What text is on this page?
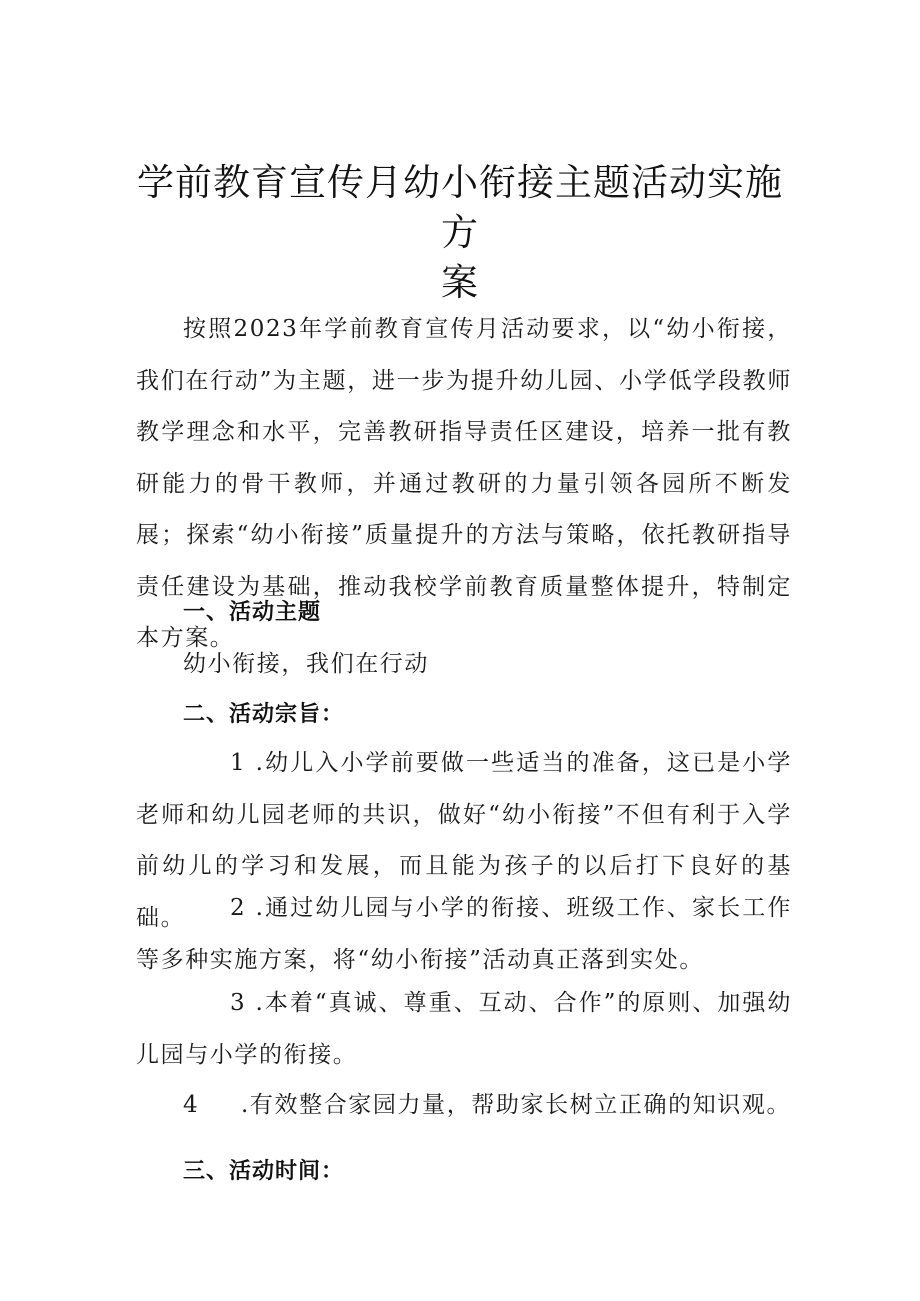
学前教育宣传月幼小衔接主题活动实施方
案

按照2023年学前教育宣传月活动要求，以“幼小衔接，我们在行动”为主题，进一步为提升幼儿园、小学低学段教师教学理念和水平，完善教研指导责任区建设，培养一批有教研能力的骨干教师，并通过教研的力量引领各园所不断发展；探索“幼小衔接”质量提升的方法与策略，依托教研指导责任建设为基础，推动我校学前教育质量整体提升，特制定本方案。

一、活动主题
幼小衔接，我们在行动
二、活动宗旨：

1 .幼儿入小学前要做一些适当的准备，这已是小学老师和幼儿园老师的共识，做好“幼小衔接”不但有利于入学前幼儿的学习和发展，而且能为孩子的以后打下良好的基础。	2 .通过幼儿园与小学的衔接、班级工作、家长工作等多种实施方案，将“幼小衔接”活动真正落到实处。

3 .本着“真诚、尊重、互动、合作”的原则、加强幼儿园与小学的衔接。

4 .有效整合家园力量，帮助家长树立正确的知识观。
三、活动时间：
